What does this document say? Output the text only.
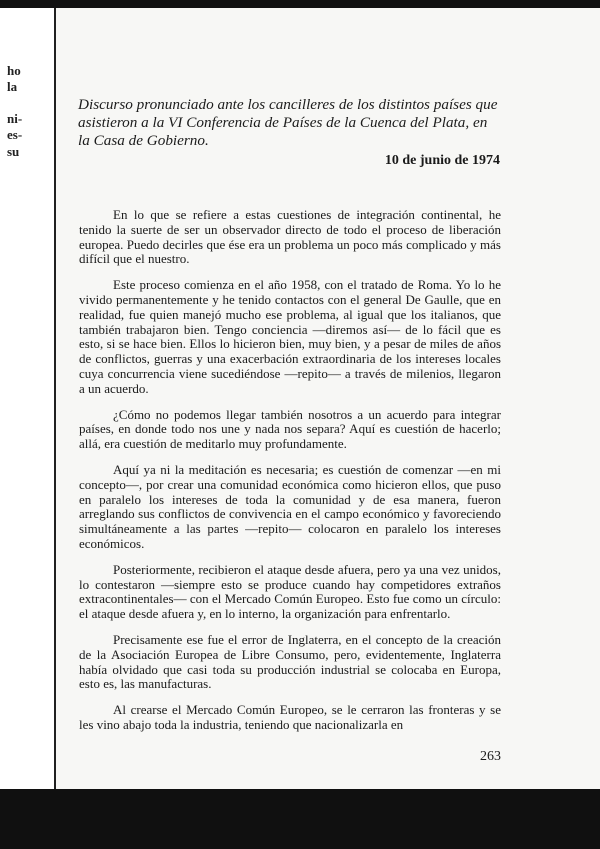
ho
la
ni-
es-
su
Discurso pronunciado ante los cancilleres de los distintos países que asistieron a la VI Conferencia de Países de la Cuenca del Plata, en la Casa de Gobierno.
10 de junio de 1974

En lo que se refiere a estas cuestiones de integración continental, he tenido la suerte de ser un observador directo de todo el proceso de liberación europea. Puedo decirles que ése era un problema un poco más complicado y más difícil que el nuestro.

Este proceso comienza en el año 1958, con el tratado de Roma. Yo lo he vivido permanentemente y he tenido contactos con el general De Gaulle, que en realidad, fue quien manejó mucho ese problema, al igual que los italianos, que también trabajaron bien. Tengo conciencia —diremos así— de lo fácil que es esto, si se hace bien. Ellos lo hicieron bien, muy bien, y a pesar de miles de años de conflictos, guerras y una exacerbación extraordinaria de los intereses locales cuya concurrencia viene sucediéndose —repito— a través de milenios, llegaron a un acuerdo.

¿Cómo no podemos llegar también nosotros a un acuerdo para integrar países, en donde todo nos une y nada nos separa? Aquí es cuestión de hacerlo; allá, era cuestión de meditarlo muy profundamente.

Aquí ya ni la meditación es necesaria; es cuestión de comenzar —en mi concepto—, por crear una comunidad económica como hicieron ellos, que puso en paralelo los intereses de toda la comunidad y de esa manera, fueron arreglando sus conflictos de convivencia en el campo económico y favoreciendo simultáneamente a las partes —repito— colocaron en paralelo los intereses económicos.

Posteriormente, recibieron el ataque desde afuera, pero ya una vez unidos, lo contestaron —siempre esto se produce cuando hay competidores extraños extracontinentales— con el Mercado Común Europeo. Esto fue como un círculo: el ataque desde afuera y, en lo interno, la organización para enfrentarlo.

Precisamente ese fue el error de Inglaterra, en el concepto de la creación de la Asociación Europea de Libre Consumo, pero, evidentemente, Inglaterra había olvidado que casi toda su producción industrial se colocaba en Europa, esto es, las manufacturas.

Al crearse el Mercado Común Europeo, se le cerraron las fronteras y se les vino abajo toda la industria, teniendo que nacionalizarla en

263
